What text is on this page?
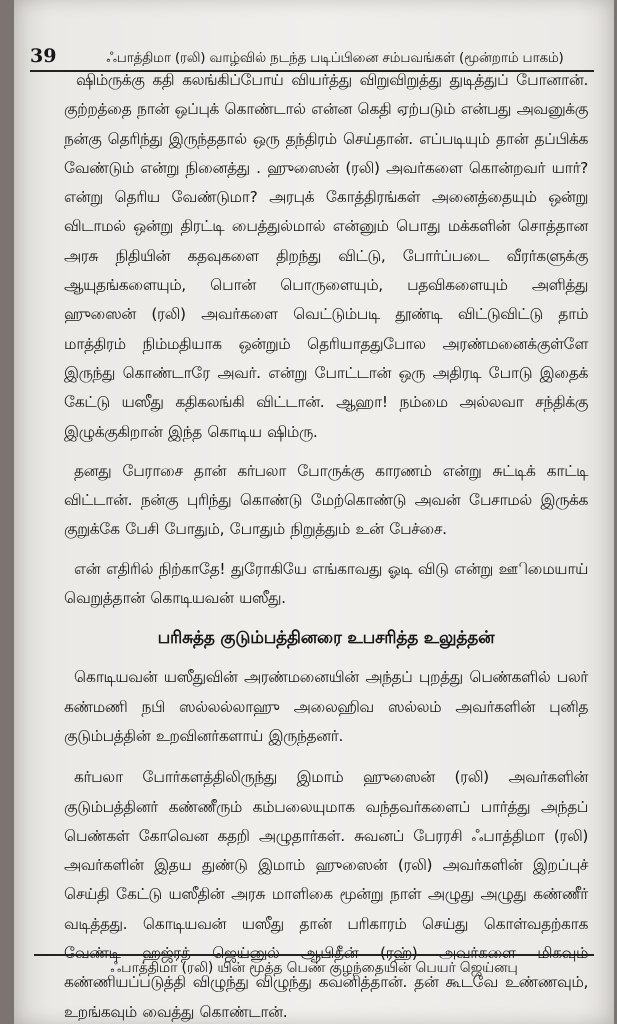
39	ஃபாத்திமா (ரலி) வாழ்வில் நடந்த படிப்பினை சம்பவங்கள் (மூன்றாம் பாகம்)

ஷிம்ருக்கு கதி கலங்கிப்போய் வியர்த்து விறுவிறுத்து துடித்துப் போனான். குற்றத்தை நான் ஒப்புக் கொண்டால் என்ன கெதி ஏற்படும் என்பது அவனுக்கு நன்கு தெரிந்து இருந்ததால் ஒரு தந்திரம் செய்தான். எப்படியும் தான் தப்பிக்க வேண்டும் என்று நினைத்து . ஹுஸைன் (ரலி) அவர்களை கொன்றவர் யார்? என்று தெரிய வேண்டுமா? அரபுக் கோத்திரங்கள் அனைத்தையும் ஒன்று விடாமல் ஒன்று திரட்டி பைத்துல்மால் என்னும் பொது மக்களின் சொத்தான அரசு நிதியின் கதவுகளை திறந்து விட்டு, போர்ப்படை வீரர்களுக்கு ஆயுதங்களையும், பொன் பொருளையும், பதவிகளையும் அளித்து ஹுஸைன் (ரலி) அவர்களை வெட்டும்படி தூண்டி விட்டுவிட்டு தாம் மாத்திரம் நிம்மதியாக ஒன்றும் தெரியாததுபோல அரண்மனைக்குள்ளே இருந்து கொண்டாரே அவர். என்று போட்டான் ஒரு அதிரடி போடு இதைக் கேட்டு யஸீது கதிகலங்கி விட்டான். ஆஹா! நம்மை அல்லவா சந்திக்கு இழுக்குகிறான் இந்த கொடிய ஷிம்ரு.

தனது பேராசை தான் கர்பலா போருக்கு காரணம் என்று சுட்டிக் காட்டி விட்டான். நன்கு புரிந்து கொண்டு மேற்கொண்டு அவன் பேசாமல் இருக்க குறுக்கே பேசி போதும், போதும் நிறுத்தும் உன் பேச்சை.

என் எதிரில் நிற்காதே! துரோகியே எங்காவது ஓடி விடு என்று ஊிமையாய் வெறுத்தான் கொடியவன் யஸீது.

பரிசுத்த குடும்பத்தினரை உபசரித்த உலுத்தன்

கொடியவன் யஸீதுவின் அரண்மனையின் அந்தப் புறத்து பெண்களில் பலர் கண்மணி நபி ஸல்லல்லாஹு அலைஹிவ ஸல்லம் அவர்களின் புனித குடும்பத்தின் உறவினர்களாய் இருந்தனர்.

கர்பலா போர்களத்திலிருந்து இமாம் ஹுஸைன் (ரலி) அவர்களின் குடும்பத்தினர் கண்ணீரும் கம்பலையுமாக வந்தவர்களைப் பார்த்து அந்தப் பெண்கள் கோவென கதறி அழுதார்கள். சுவனப் பேரரசி ஃபாத்திமா (ரலி) அவர்களின் இதய துண்டு இமாம் ஹுஸைன் (ரலி) அவர்களின் இறப்புச் செய்தி கேட்டு யஸீதின் அரசு மாளிகை மூன்று நாள் அழுது அழுது கண்ணீர் வடித்தது. கொடியவன் யஸீது தான் பரிகாரம் செய்து கொள்வதற்காக வேண்டி ஹஜ்ரத் ஜெய்னுல் ஆபிதீன் (ரஹ்) அவர்களை மிகவும் கண்ணியப்படுத்தி விழுந்து விழுந்து கவனித்தான். தன் கூடவே உண்ணவும், உறங்கவும் வைத்து கொண்டான்.

ஃபாத்திமா (ரலி) யின் மூத்த பெண் குழந்தையின் பெயர் ஜெய்னபு
